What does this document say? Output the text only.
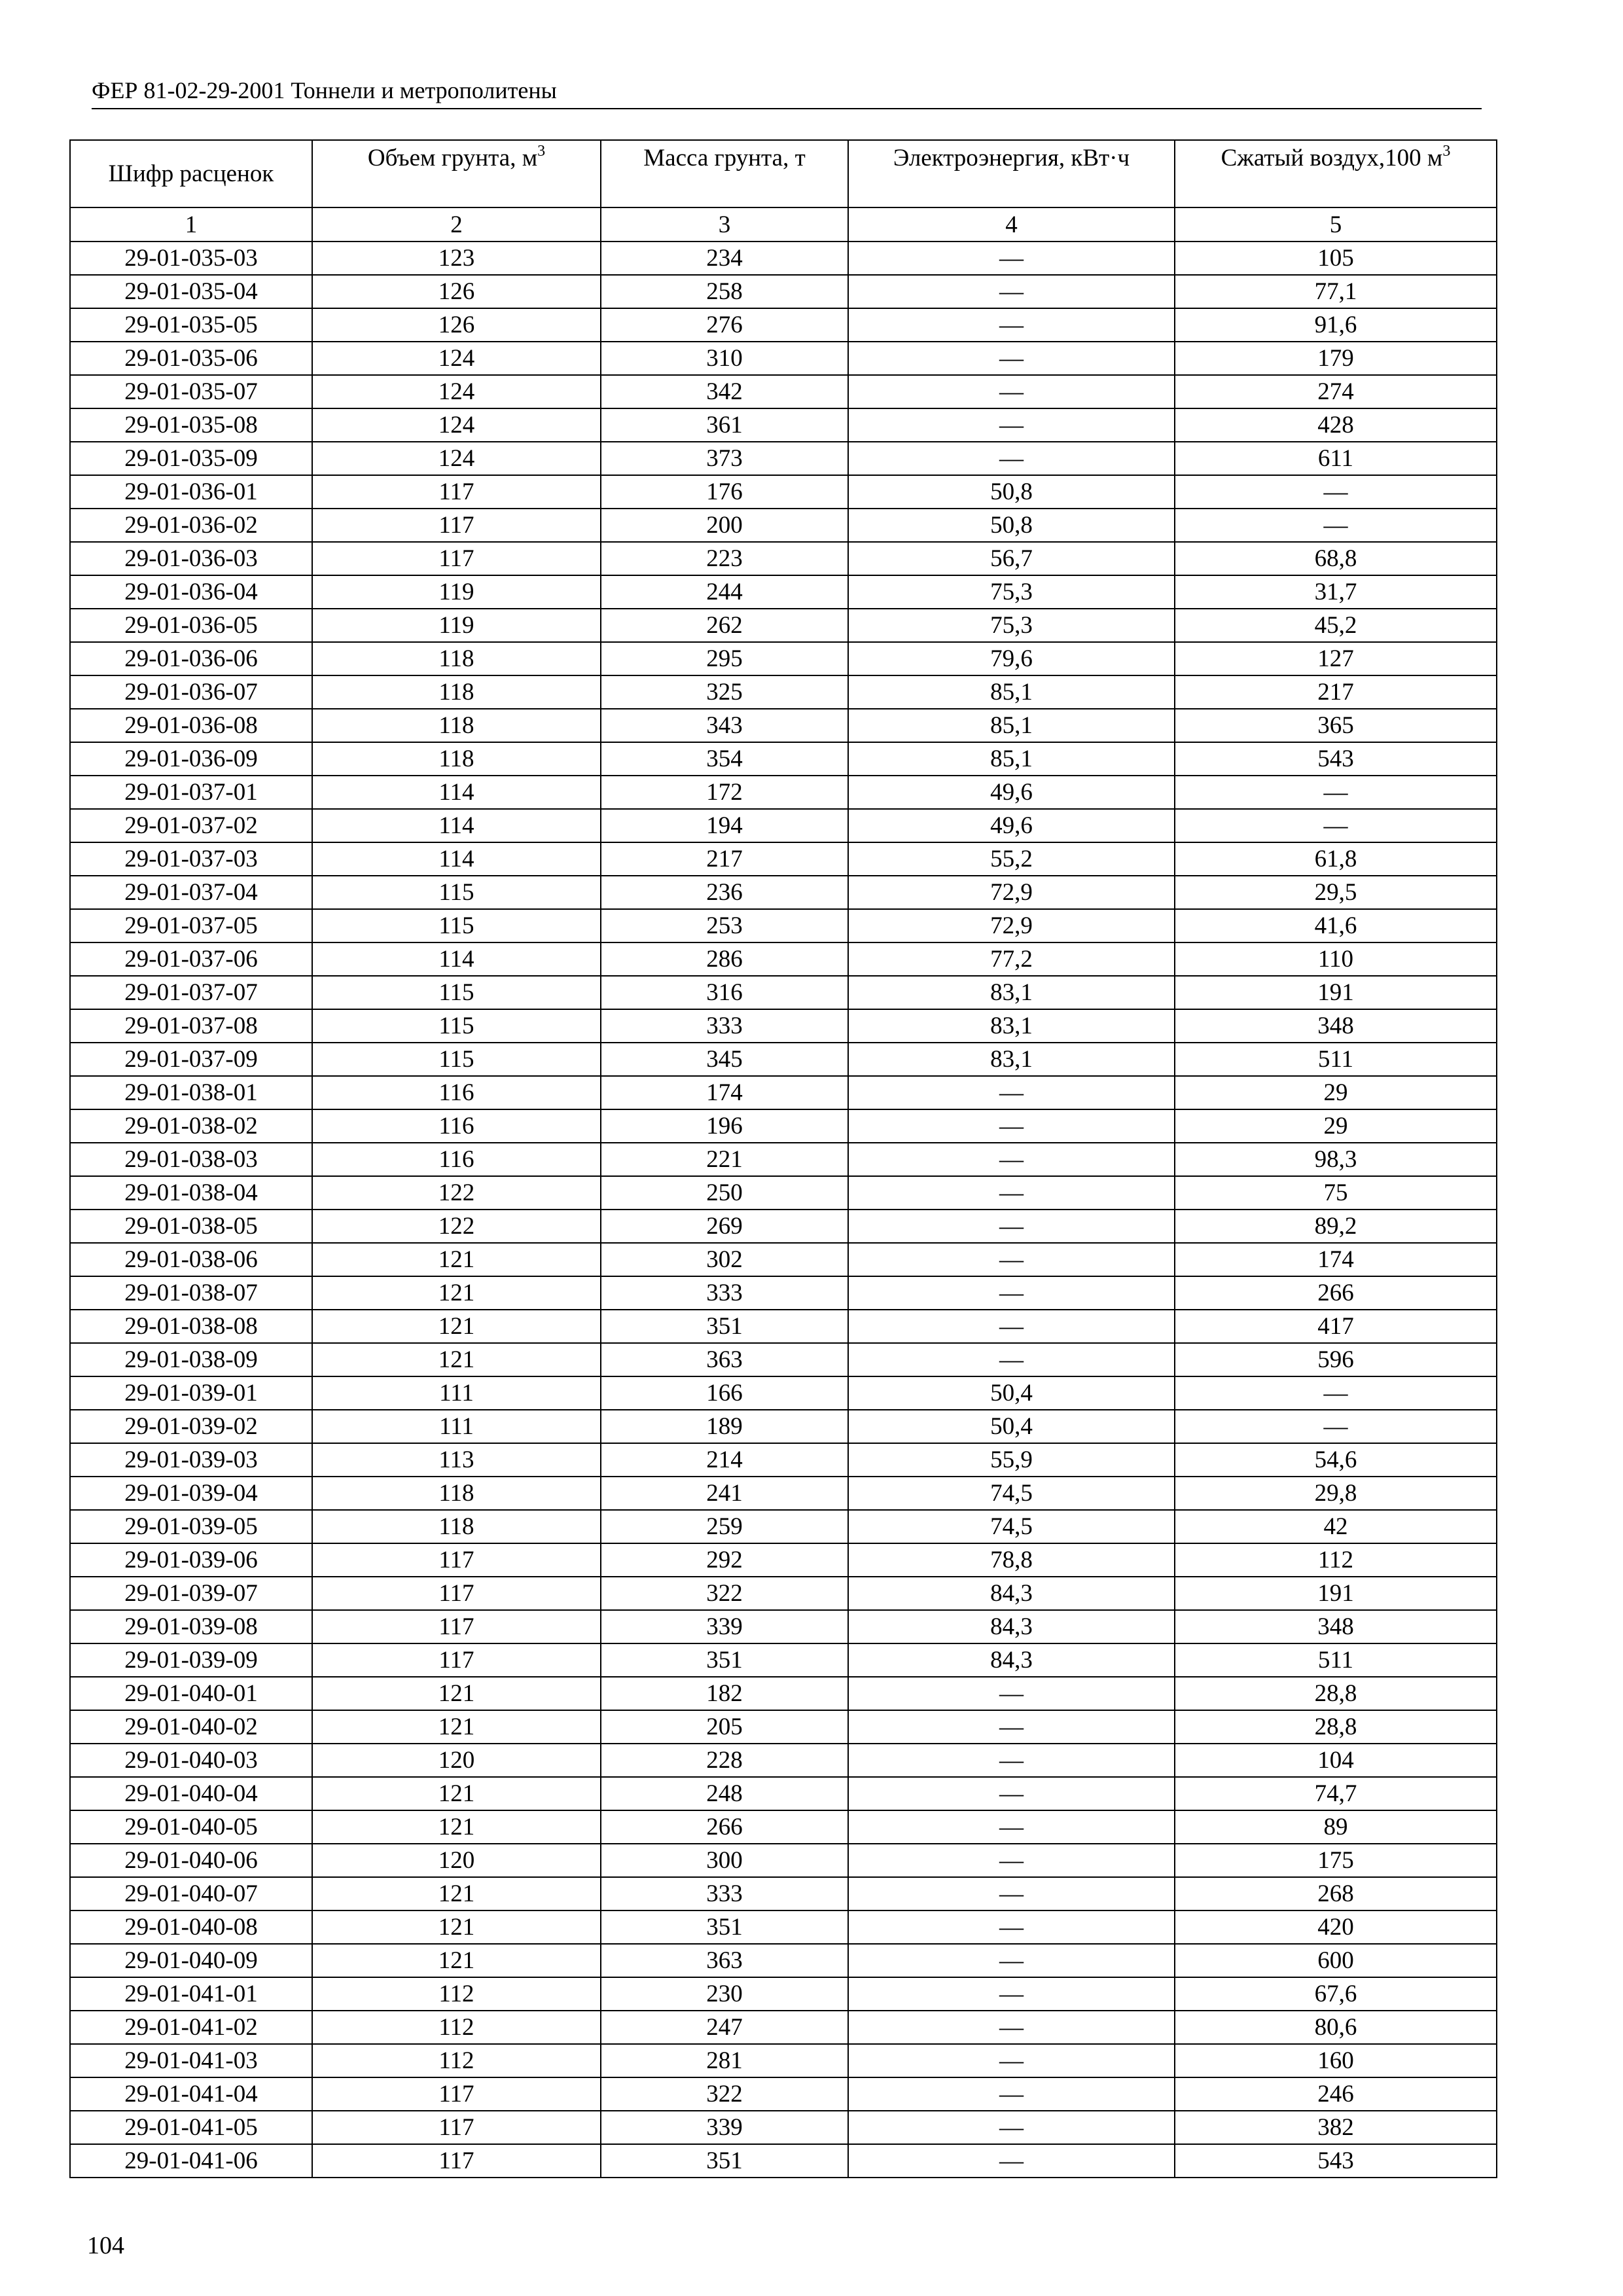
ФЕР 81-02-29-2001 Тоннели и метрополитены
Шифр расценок	Объем грунта, $м^3$	Масса грунта, т	Электроэнергия, кВт·ч	Сжатый воздух,100 $м^3$
1	2	3	4	5
29-01-035-03	123	234	—	105
29-01-035-04	126	258	—	77,1
29-01-035-05	126	276	—	91,6
29-01-035-06	124	310	—	179
29-01-035-07	124	342	—	274
29-01-035-08	124	361	—	428
29-01-035-09	124	373	—	611
29-01-036-01	117	176	50,8	—
29-01-036-02	117	200	50,8	—
29-01-036-03	117	223	56,7	68,8
29-01-036-04	119	244	75,3	31,7
29-01-036-05	119	262	75,3	45,2
29-01-036-06	118	295	79,6	127
29-01-036-07	118	325	85,1	217
29-01-036-08	118	343	85,1	365
29-01-036-09	118	354	85,1	543
29-01-037-01	114	172	49,6	—
29-01-037-02	114	194	49,6	—
29-01-037-03	114	217	55,2	61,8
29-01-037-04	115	236	72,9	29,5
29-01-037-05	115	253	72,9	41,6
29-01-037-06	114	286	77,2	110
29-01-037-07	115	316	83,1	191
29-01-037-08	115	333	83,1	348
29-01-037-09	115	345	83,1	511
29-01-038-01	116	174	—	29
29-01-038-02	116	196	—	29
29-01-038-03	116	221	—	98,3
29-01-038-04	122	250	—	75
29-01-038-05	122	269	—	89,2
29-01-038-06	121	302	—	174
29-01-038-07	121	333	—	266
29-01-038-08	121	351	—	417
29-01-038-09	121	363	—	596
29-01-039-01	111	166	50,4	—
29-01-039-02	111	189	50,4	—
29-01-039-03	113	214	55,9	54,6
29-01-039-04	118	241	74,5	29,8
29-01-039-05	118	259	74,5	42
29-01-039-06	117	292	78,8	112
29-01-039-07	117	322	84,3	191
29-01-039-08	117	339	84,3	348
29-01-039-09	117	351	84,3	511
29-01-040-01	121	182	—	28,8
29-01-040-02	121	205	—	28,8
29-01-040-03	120	228	—	104
29-01-040-04	121	248	—	74,7
29-01-040-05	121	266	—	89
29-01-040-06	120	300	—	175
29-01-040-07	121	333	—	268
29-01-040-08	121	351	—	420
29-01-040-09	121	363	—	600
29-01-041-01	112	230	—	67,6
29-01-041-02	112	247	—	80,6
29-01-041-03	112	281	—	160
29-01-041-04	117	322	—	246
29-01-041-05	117	339	—	382
29-01-041-06	117	351	—	543
104
